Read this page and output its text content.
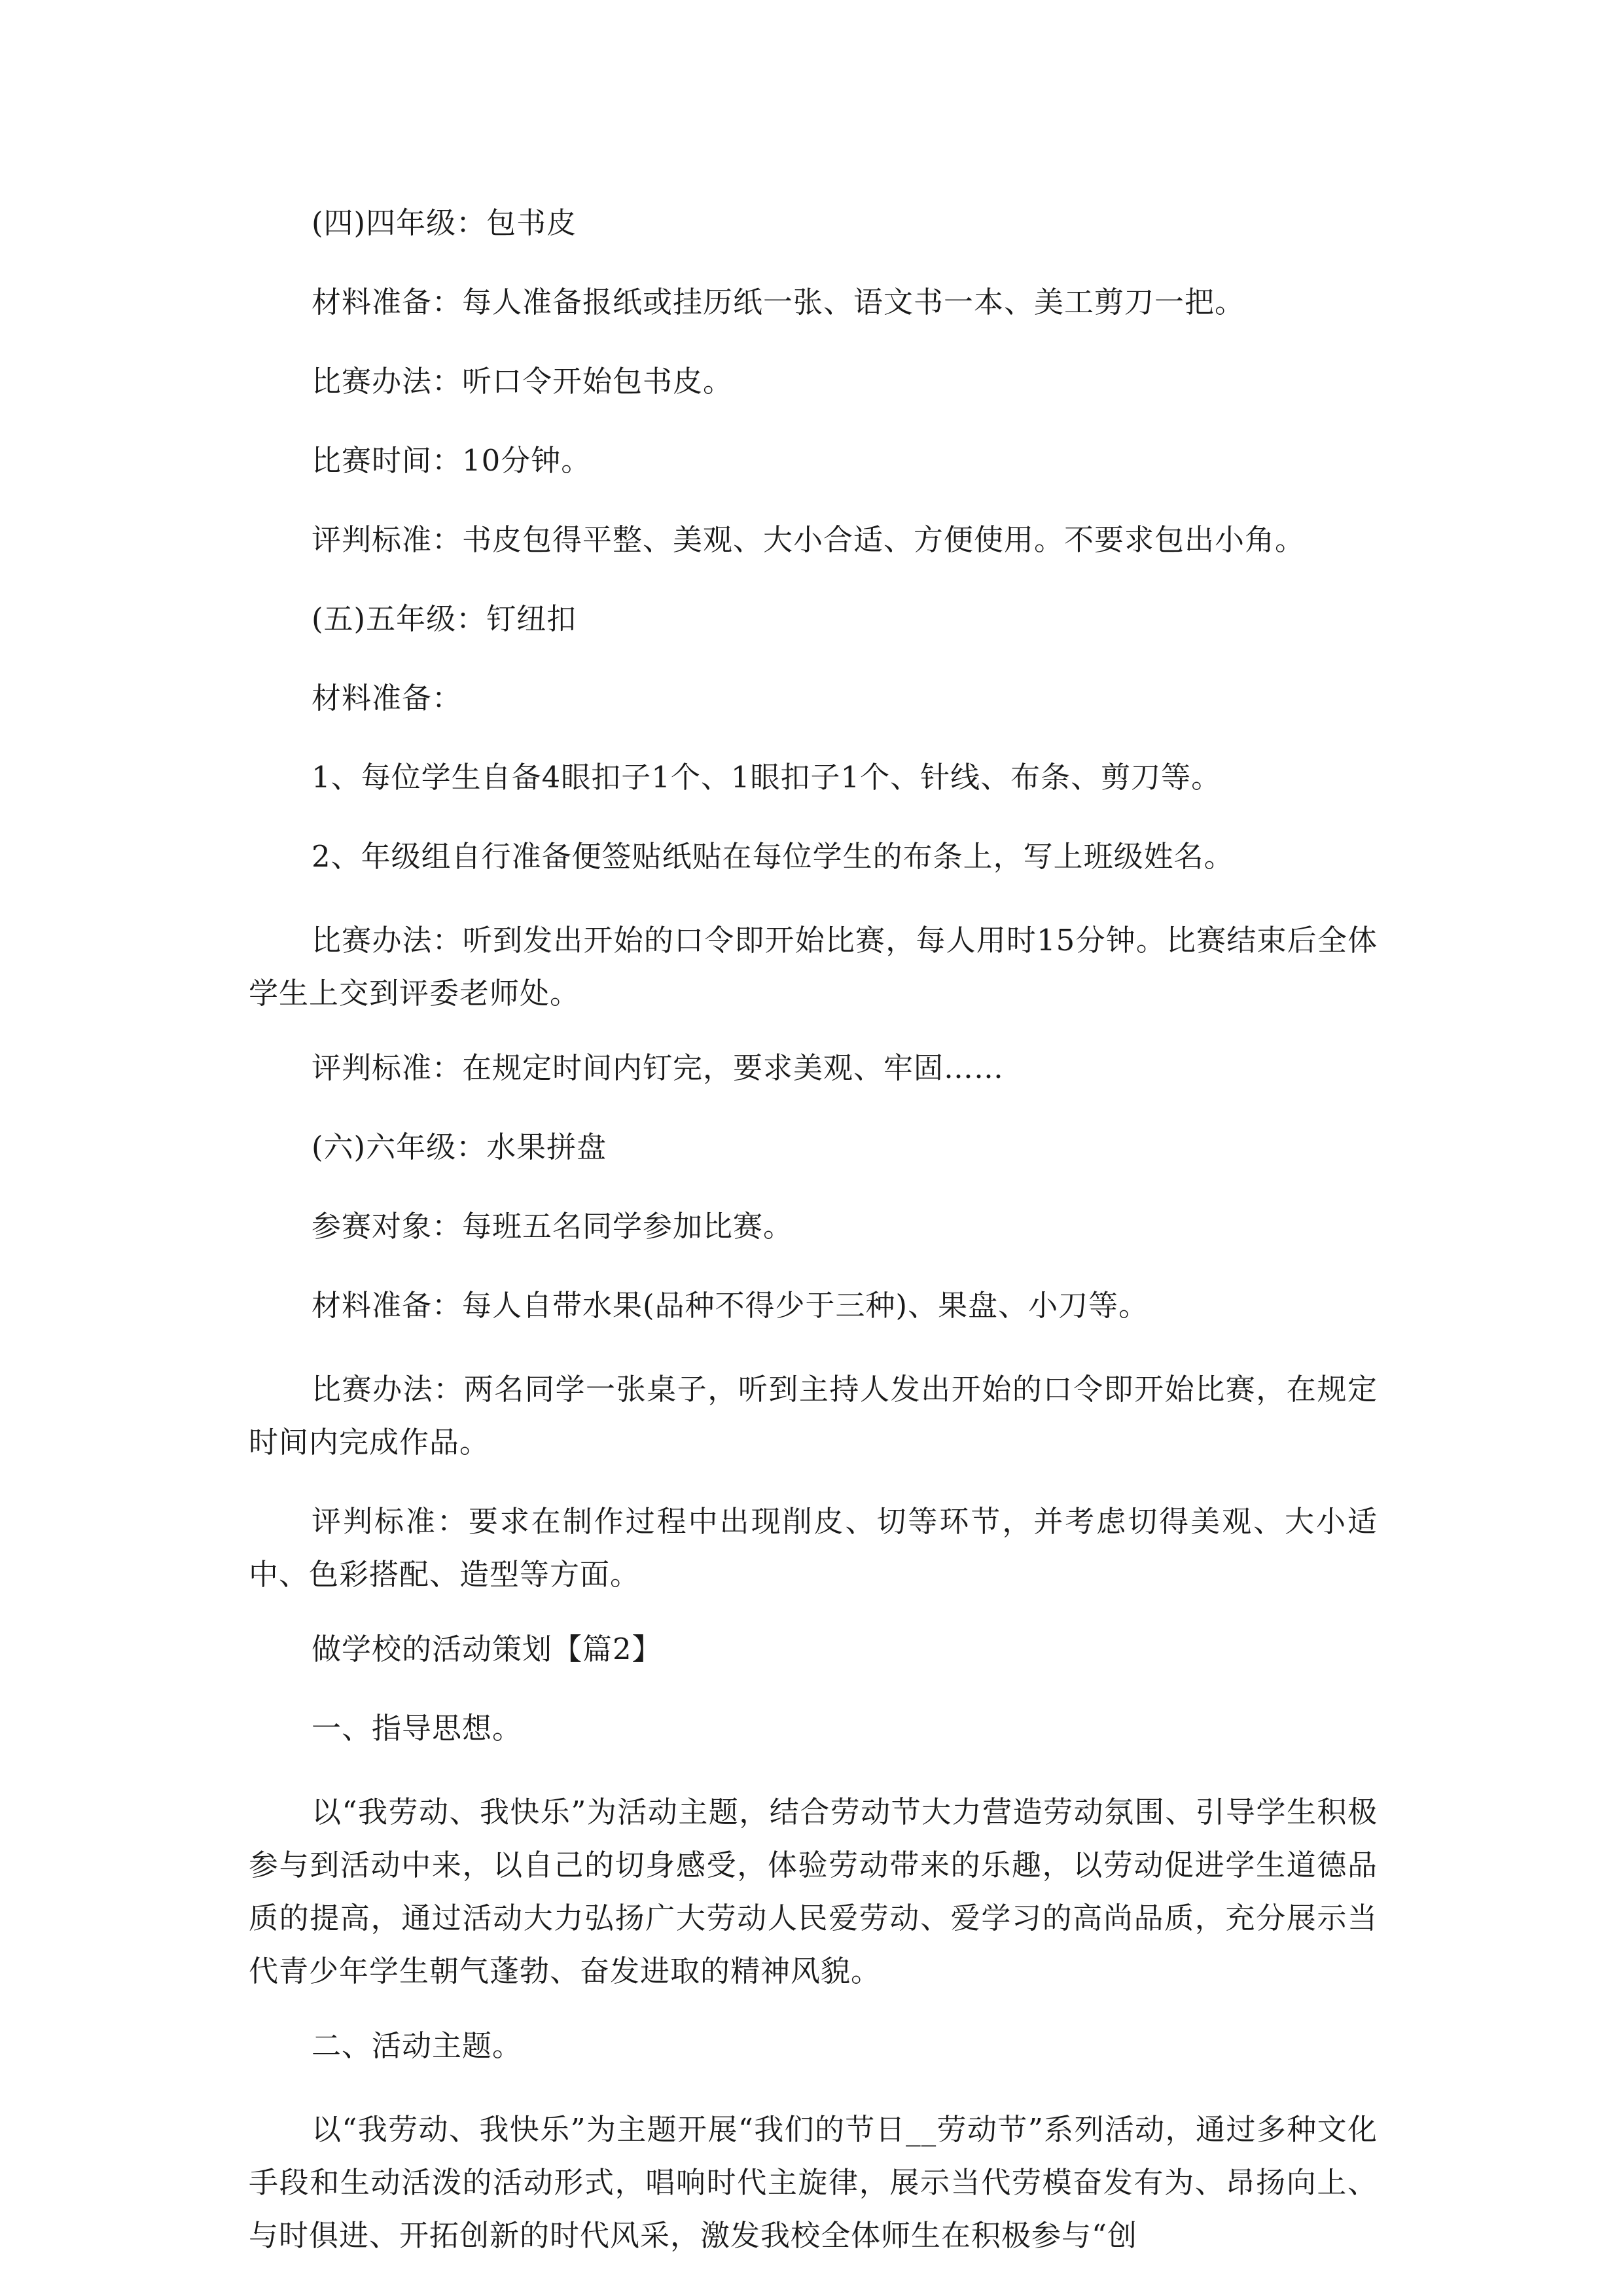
(四)四年级：包书皮

材料准备：每人准备报纸或挂历纸一张、语文书一本、美工剪刀一把。

比赛办法：听口令开始包书皮。

比赛时间：10分钟。

评判标准：书皮包得平整、美观、大小合适、方便使用。不要求包出小角。

(五)五年级：钉纽扣

材料准备：

1、每位学生自备4眼扣子1个、1眼扣子1个、针线、布条、剪刀等。

2、年级组自行准备便签贴纸贴在每位学生的布条上，写上班级姓名。

比赛办法：听到发出开始的口令即开始比赛，每人用时15分钟。比赛结束后全体学生上交到评委老师处。

评判标准：在规定时间内钉完，要求美观、牢固……

(六)六年级：水果拼盘

参赛对象：每班五名同学参加比赛。

材料准备：每人自带水果(品种不得少于三种)、果盘、小刀等。

比赛办法：两名同学一张桌子，听到主持人发出开始的口令即开始比赛，在规定时间内完成作品。

评判标准：要求在制作过程中出现削皮、切等环节，并考虑切得美观、大小适中、色彩搭配、造型等方面。

做学校的活动策划【篇2】

一、指导思想。

以“我劳动、我快乐”为活动主题，结合劳动节大力营造劳动氛围、引导学生积极参与到活动中来，以自己的切身感受，体验劳动带来的乐趣，以劳动促进学生道德品质的提高，通过活动大力弘扬广大劳动人民爱劳动、爱学习的高尚品质，充分展示当代青少年学生朝气蓬勃、奋发进取的精神风貌。

二、活动主题。

以“我劳动、我快乐”为主题开展“我们的节日__劳动节”系列活动，通过多种文化手段和生动活泼的活动形式，唱响时代主旋律，展示当代劳模奋发有为、昂扬向上、与时俱进、开拓创新的时代风采，激发我校全体师生在积极参与“创
